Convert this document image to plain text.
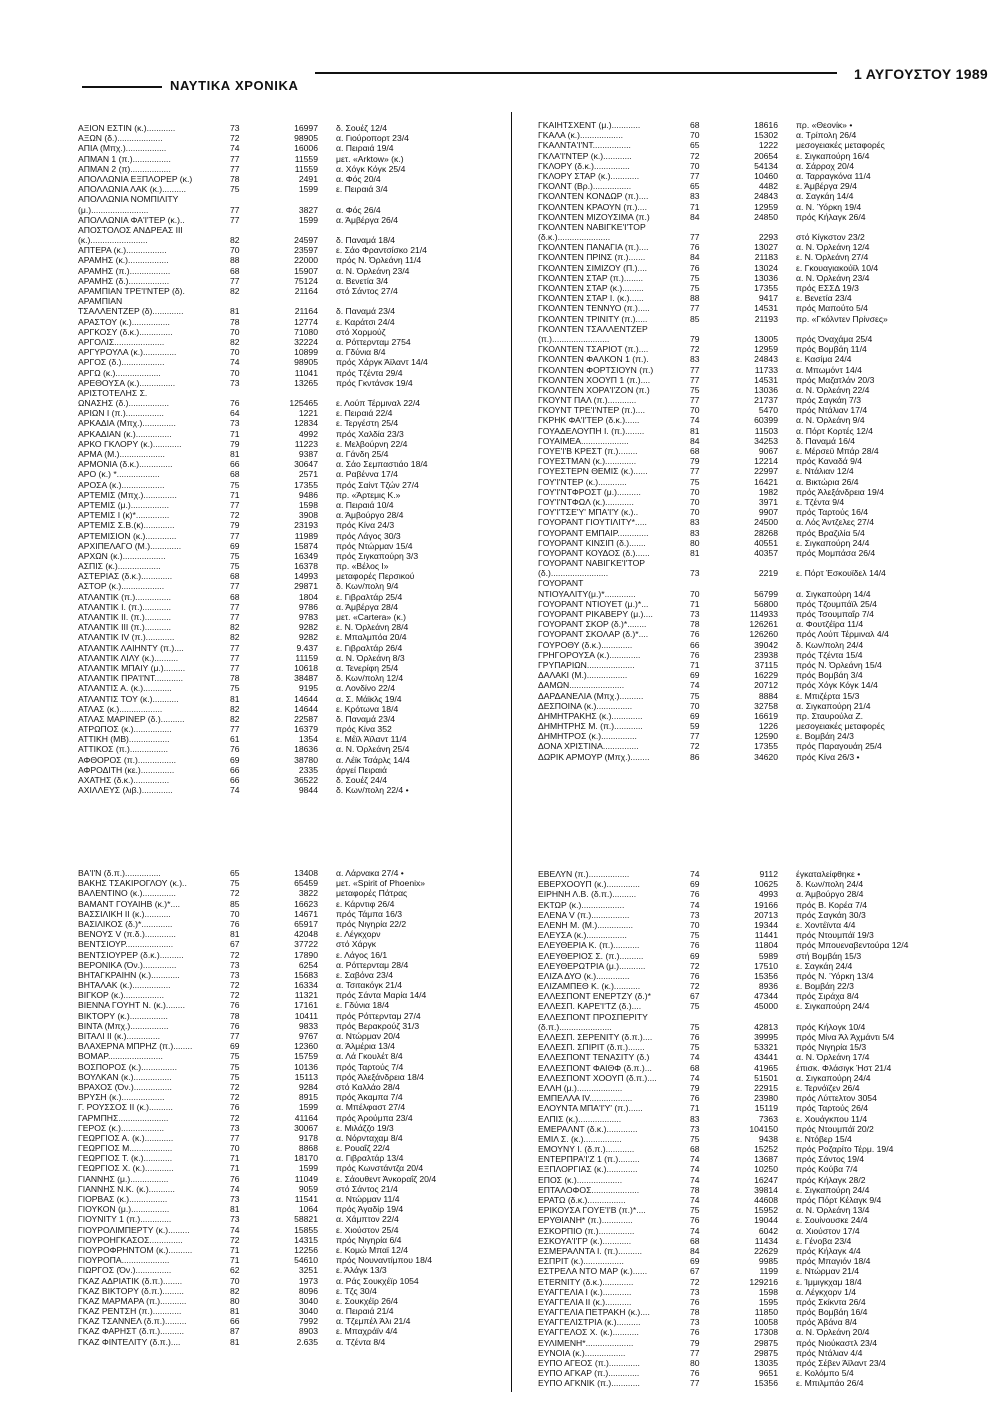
ΝΑΥΤΙΚΑ ΧΡΟΝΙΚΑ
1 ΑΥΓΟΥΣΤΟΥ 1989
ΑΞΙΟΝ ΕΣΤΙΝ (κ.)............	73	16997 δ. Σουέζ 12/4
ΑΞΩΝ (δ.)...................	72	98905 α. Γιούροπορτ 23/4
ΑΠΙΑ (Μπχ.).................	74	16006 α. Πειραιά 19/4
ΑΠΜΑΝ 1 (π.)................	77	11559 μετ. «Arktow» (κ.)
ΑΠΜΑΝ 2 (π).................	77	11559 α. Χόγκ Κόγκ 25/4
ΑΠΟΛΛΩΝΙΑ ΕΞΠΛΟΡΕΡ (κ.)	78	2491 α. Φός 20/4
ΑΠΟΛΛΩΝΙΑ ΛΑΚ (κ.)..........	75	1599 ε. Πειραιά 3/4
ΑΠΟΛΛΩΝΙΑ ΝΟΜΠΙΛΙΤΥ
(μ.)........................	77	3827 α. Φός 26/4
ΑΠΟΛΛΩΝΙΑ ΦΑ'Ι'ΤΕΡ (κ.)..	77	1599 α. Άμβέργα 26/4
ΑΠΟΣΤΟΛΟΣ ΑΝΔΡΕΑΣ III
(κ.)........................	82	24597 δ. Παναμά 18/4
ΑΠΤΕΡΑ (κ.).................	70	23597 ε. Σάο Φραντσίσκο 21/4
ΑΡΑΜΗΣ (κ.).................	88	22000 πρός Ν. Όρλεάνη 11/4
ΑΡΑΜΗΣ (π.).................	68	15907 α. Ν. Όρλεάνη 23/4
ΑΡΑΜΗΣ (δ.).................	77	75124 α. Βενετία 3/4
ΑΡΑΜΠΙΑΝ ΤΡΕ'Ι'ΝΤΕΡ (δ).	82	21164 στό Σάντος 27/4
ΑΡΑΜΠΙΑΝ
ΤΣΑΛΛΕΝΤΖΕΡ (δ).............	81	21164 δ. Παναμά 23/4
ΑΡΑΣΤΟΥ (κ.)................	78	12774 ε. Καράτσι 24/4
ΑΡΓΚΟΣΥ (δ.κ.)..............	70	71080 στό Χορμούζ
ΑΡΓΟΛΙΣ.....................	82	32224 α. Ρόττερνταμ 2754
ΑΡΓΥΡΟΥΛΑ (κ.)..............	70	10899 α. Γδύνια 8/4
ΑΡΓΟΣ (δ.)..................	74	98905 πρός Χάργκ Άϊλαντ 14/4
ΑΡΓΩ (κ.)...................	70	11041 πρός Τζέντα 29/4
ΑΡΕΘΟΥΣΑ (κ.)...............	73	13265 πρός Γκντάνσκ 19/4
ΑΡΙΣΤΟΤΕΛΗΣ Σ.
ΩΝΑΣΗΣ (δ.).................	76	125465 ε. Λούπ Τέρμιναλ 22/4
ΑΡΙΩΝ I (π.)................	64	1221 ε. Πειραιά 22/4
ΑΡΚΑΔΙΑ (Μπχ.)..............	73	12834 ε. Τεργέστη 25/4
ΑΡΚΑΔΙΑΝ (κ.)...............	71	4992 πρός Χαλδία 23/3
ΑΡΚΟ ΓΚΛΟΡΥ (κ.)............	79	11223 ε. Μελβούρνη 22/4
ΑΡΜΑ (Μ.)...................	81	9387 α. Γάνδη 25/4
ΑΡΜΟΝΙΑ (δ.κ.)..............	66	30647 α. Σάο Σεμπαστιάο 18/4
ΑΡΟ (κ.) *..................	68	2571 α. Ραβέννα 17/4
ΑΡΟΣΑ (κ.)..................	75	17355 πρός Σαίντ Τζών 27/4
ΑΡΤΕΜΙΣ (Μπχ.)..............	71	9486 πρ. «Άρτεμις Κ.»
ΑΡΤΕΜΙΣ (μ.)................	77	1598 α. Πειραιά 10/4
ΑΡΤΕΜΙΣ I (κ)*..............	72	3908 α. Άμβούργο 28/4
ΑΡΤΕΜΙΣ Σ.Β.(κ).............	79	23193 πρός Κίνα 24/3
ΑΡΤΕΜΙΣΙΟΝ (κ.).............	77	11989 πρός Λάγος 30/3
ΑΡΧΙΠΕΛΑΓΟ (Μ.).............	69	15874 πρός Ντώρμαν 15/4
ΑΡΧΩΝ (κ.)..................	75	16349 πρός Σιγκαπούρη 3/3
ΑΣΠΙΣ (κ.)..................	75	16378 πρ. «Βέλος I»
ΑΣΤΕΡΙΑΣ (δ.κ.).............	68	14993 μεταφορές Περσικού
ΑΣΤΟΡ (κ.)..................	77	29871 δ. Κων/πολη 9/4
ΑΤΛΑΝΤΙΚ (π.)...............	68	1804 ε. Γιβραλτάρ 25/4
ΑΤΛΑΝΤΙΚ I. (π.)............	77	9786 α. Άμβέργα 28/4
ΑΤΛΑΝΤΙΚ II. (π.)...........	77	9783 μετ. «Cartera» (κ.)
ΑΤΛΑΝΤΙΚ III (π.)...........	82	9282 ε. Ν. Όρλεάνη 28/4
ΑΤΛΑΝΤΙΚ IV (π.)............	82	9282 ε. Μπαλμπόα 20/4
ΑΤΛΑΝΤΙΚ ΛΑΙΗΝΤΥ (π.)....	77	9.437 ε. Γιβραλτάρ 26/4
ΑΤΛΑΝΤΙΚ ΛΙΛΥ (κ.)..........	77	11159 α. Ν. Όρλεάνη 8/3
ΑΤΛΑΝΤΙΚ ΜΠΑΙΥ (μ.).........	77	10618 α. Τενερίφη 25/4
ΑΤΛΑΝΤΙΚ ΠΡΑ'Ι'ΝΤ............	78	38487 δ. Κων/πολη 12/4
ΑΤΛΑΝΤΙΣ Α. (κ.)............	75	9195 α. Λονδίνο 22/4
ΑΤΛΑΝΤΙΣ ΤΟΥ (κ.)...........	81	14644 α. Σ. Μάϊκλς 19/4
ΑΤΛΑΣ (κ.)..................	82	14644 ε. Κρότωνα 18/4
ΑΤΛΑΣ ΜΑΡΙΝΕΡ (δ.)..........	82	22587 δ. Παναμά 23/4
ΑΤΡΩΠΟΣ (κ.)................	77	16379 πρός Κίνα 352
ΑΤΤΙΚΗ (ΜΒ).................	61	1354 ε. Μέϊλ Άϊλαντ 11/4
ΑΤΤΙΚΟΣ (π.)................	76	18636 α. Ν. Όρλεάνη 25/4
ΑΦΘΟΡΟΣ (π.)................	69	38780 α. Λέϊκ Τσάρλς 14/4
ΑΦΡΟΔΙΤΗ (κε.)..............	66	2335 άργεί Πειραιά
ΑΧΑΤΗΣ (δ.κ.)...............	66	36522 δ. Σουέζ 24/4
ΑΧΙΛΛΕΥΣ (λιβ.).............	74	9844 δ. Κων/πολη 22/4 •
ΒΑ'Ι'Ν (δ.π.)...............	65	13408 α. Λάρνακα 27/4 •
ΒΑΚΗΣ ΤΣΑΚΙΡΟΓΛΟΥ (κ.)..	75	65459 μετ. «Spirit of Phoenix»
ΒΑΛΕΝΤΙΝΟ (κ.)..............	72	3822 μεταφορές Πάτρας
ΒΑΜΑΝΤ ΓΟΥΑΙΗΒ (κ.)*....	85	16623 ε. Κάρντιφ 26/4
ΒΑΣΣΙΛΙΚΗ II (κ.)...........	70	14671 πρός Τάμπα 16/3
ΒΑΣΙΛΙΚΟΣ (δ.)*.............	76	65917 πρός Νιγηρία 22/2
ΒΕΝΟΥΣ V (π.δ.).............	81	42048 ε. Λέγκχορν
ΒΕΝΤΣΙΟΥΡ....................	67	37722 στό Χάργκ
ΒΕΝΤΣΙΟΥΡΕΡ (δ.κ.)..........	72	17890 ε. Λάγος 16/1
ΒΕΡΟΝΙΚΑ (Όν.)..............	73	6254 α. Ρόττερνταμ 28/4
ΒΗΤΑΓΚΡΑΙΗΝ (κ.)............	73	15683 ε. Σαβόνα 23/4
ΒΗΤΑΛΑΚ (κ.)................	72	16334 α. Τσιτακόγκ 21/4
ΒΙΓΚΟΡ (κ.).................	72	11321 πρός Σάντα Μαρία 14/4
ΒΙΕΝΝΑ ΓΟΥΗΤ Ν. (κ.)........	76	17161 ε. Γδύνια 18/4
ΒΙΚΤΟΡΥ (κ.)................	78	10411 πρός Ρόττερνταμ 27/4
ΒΙΝΤΑ (Μπχ.)................	76	9833 πρός Βερακρούζ 31/3
ΒΙΤΑΛΙ II (κ.)..............	77	9767 α. Ντώρμαν 20/4
ΒΛΑΧΕΡΝΑ ΜΠΡΗΖ (π.)........	69	12360 α. Άλμέρια 13/4
ΒΟΜΑΡ.......................	75	15759 α. Λά Γκουλέτ 8/4
ΒΟΣΠΟΡΟΣ (κ.)...............	75	10136 πρός Ταρτούς 7/4
ΒΟΥΛΚΑΝ (κ.)................	75	15113 πρός Άλεξάνδρεια 18/4
ΒΡΑΧΟΣ (Όν.)................	72	9284 στό Καλλάο 28/4
ΒΡΥΣΗ (κ.)..................	72	8915 πρός Άκαμπα 7/4
Γ. ΡΟΥΣΣΟΣ II (κ.)..........	76	1599 α. Μπέλφαστ 27/4
ΓΑΡΜΠΗΣ.....................	72	41164 πρός Άρούμπα 23/4
ΓΕΡΟΣ (κ.)..................	73	30067 ε. Μιλάζζο 19/3
ΓΕΩΡΓΙΟΣ Α. (κ.)............	77	9178 α. Νόρνταχαμ 8/4
ΓΕΩΡΓΙΟΣ Μ..................	70	8868 ε. Ρουαΐζ 22/4
ΓΕΩΡΓΙΟΣ Τ. (κ.)............	71	18170 α. Γιβραλτάρ 13/4
ΓΕΩΡΓΙΟΣ Χ. (κ.)............	71	1599 πρός Κωνστάντζα 20/4
ΓΙΑΝΝΗΣ (μ.)................	76	11049 ε. Σάουθεντ Άνκοραΐζ 20/4
ΓΙΑΝΝΗΣ Ν.Κ. (κ.)...........	74	9059 στό Σάντος 21/4
ΓΙΟΡΒΑΣ (κ.)................	73	11541 α. Ντώρμαν 11/4
ΓΙΟΥΚΟΝ (μ.)................	81	1064 πρός Άγαδίρ 19/4
ΓΙΟΥΝΙΤΥ 1 (π.).............	73	58821 α. Χάμπτον 22/4
ΓΙΟΥΡΟΛΙΜΠΕΡΤΥ (κ.).........	74	15855 ε. Χιούστον 25/4
ΓΙΟΥΡΟΗΓΚΑΣΟΣ..............	72	14315 πρός Νιγηρία 6/4
ΓΙΟΥΡΟΦΡΗΝΤΟΜ (κ.)..........	71	12256 ε. Κομώ Μπαϊ 12/4
ΓΙΟΥΡΟΠΑ....................	71	54610 πρός Νουναντίμπου 18/4
ΓΙΩΡΓΟΣ (Όν.)...............	62	3251 ε. Άλάγκ 13/3
ΓΚΑΖ ΑΔΡΙΑΤΙΚ (δ.π.)........	70	1973 α. Ράς Σουκχέϊρ 1054
ΓΚΑΖ ΒΙΚΤΟΡΥ (δ.π.).........	82	8096 ε. Τζς 30/4
ΓΚΑΖ ΜΑΡΜΑΡΑ (π.)...........	80	3040 ε. Σουκχέϊρ 26/4
ΓΚΑΖ ΡΕΝΤΣΗ (π.)............	81	3040 α. Πειραιά 21/4
ΓΚΑΖ ΤΣΑΝΝΕΛ (δ.π.).........	66	7992 α. Τζεμπέλ Άλι 21/4
ΓΚΑΖ ΦΑΡΗΣΤ (δ.π.)..........	87	8903 ε. Μπαχράϊν 4/4
ΓΚΑΖ ΦΙΝΤΕΛΙΤΥ (δ.π.)....	81	2.635 α. Τζέντα 8/4
ΓΚΑΙΗΤΣΧΕΝΤ (μ.)............	68	18616 πρ. «Θεονίκ» •
ΓΚΑΛΑ (κ.)..................	70	15302 α. Τρίπολη 26/4
ΓΚΑΛΝΤΑ'Ι'ΝΤ................	65	1222 μεσογειακές μεταφορές
ΓΚΛΑ'Ι'ΝΤΕΡ (κ.)............	72	20654 ε. Σιγκαπούρη 16/4
ΓΚΛΟΡΥ (δ.κ.)...............	70	54134 α. Σάρροχ 20/4
ΓΚΛΟΡΥ ΣΤΑΡ (κ.)............	77	10460 α. Ταρραγκόνα 11/4
ΓΚΟΛΝΤ (Βρ.)................	65	4482 ε. Άμβέργα 29/4
ΓΚΟΛΝΤΕΝ ΚΟΝΔΩΡ (π.)....	83	24843 α. Σαγκάη 14/4
ΓΚΟΛΝΤΕΝ ΚΡΑΟΥΝ (π.)....	71	12959 α. Ν. Ύόρκη 19/4
ΓΚΟΛΝΤΕΝ ΜΙΖΟΥΣΙΜΑ (π.)	84	24850 πρός Κήλαγκ 26/4
ΓΚΟΛΝΤΕΝ ΝΑΒΙΓΚΕ'Ι'ΤΟΡ
(δ.κ.)......................	77	2293 στό Κίγκστον 23/2
ΓΚΟΛΝΤΕΝ ΠΑΝΑΓΙΑ (π.)....	76	13027 α. Ν. Όρλεάνη 12/4
ΓΚΟΛΝΤΕΝ ΠΡΙΝΣ (π.).......	84	21183 ε. Ν. Όρλεάνη 27/4
ΓΚΟΛΝΤΕΝ ΣΙΜΙΖΟΥ (Π.)....	76	13024 ε. Γκουαγιακούϊλ 10/4
ΓΚΟΛΝΤΕΝ ΣΤΑΡ (π.)........	75	13036 α. Ν. Όρλεάνη 23/4
ΓΚΟΛΝΤΕΝ ΣΤΑΡ (κ.).........	75	17355 πρός ΕΣΣΔ 19/3
ΓΚΟΛΝΤΕΝ ΣΤΑΡ I. (κ.)......	88	9417 ε. Βενετία 23/4
ΓΚΟΛΝΤΕΝ ΤΕΝΝΥΟ (π.).....	77	14531 πρός Μαπούτο 5/4
ΓΚΟΛΝΤΕΝ TPINITY (π.).....	85	21193 πρ. «Γκόλντεν Πρίνσες»
ΓΚΟΛΝΤΕΝ ΤΣΑΛΛΕΝΤΖΕΡ
(π.)........................	79	13005 πρός Όναχάμα 25/4
ΓΚΟΛΝΤΕΝ ΤΣΑΡΙΟΤ (π.)....	72	12959 πρός Βομβάη 11/4
ΓΚΟΛΝΤΕΝ ΦΑΛΚΟΝ 1 (π.).	83	24843 ε. Κασίμα 24/4
ΓΚΟΛΝΤΕΝ ΦΟΡΤΣΙΟΥΝ (π.)	77	11733 α. Μπωμόντ 14/4
ΓΚΟΛΝΤΕΝ ΧΟΟΥΠ 1 (π.)....	77	14531 πρός Μαζατλάν 20/3
ΓΚΟΛΝΤΕΝ ΧΟΡΑ'Ι'ΖΟΝ (π.)	75	13036 α. Ν. Όρλεάνη 22/4
ΓΚΟΥΝΤ ΠΑΛ (π.)............	77	21737 πρός Σαγκάη 7/3
ΓΚΟΥΝΤ ΤΡΕ'Ι'ΝΤΕΡ (π.)....	70	5470 πρός Ντάλιαν 17/4
ΓΚΡΗΚ ΦΑ'Ι'ΤΕΡ (δ.κ.)......	74	60399 α. Ν. Όρλεάνη 9/4
ΓΟΥΑΔΕΛΟΥΠΗ I. (π.)........	81	11503 α. Πόρτ Κορτές 12/4
ΓΟΥΑΙΜΕΑ....................	84	34253 δ. Παναμά 16/4
ΓΟΥΕ'Ι'Β ΚΡΕΣΤ (π.)........	68	9067 ε. Μέρσεϋ Μπάρ 28/4
ΓΟΥΕΣΤΜΑΝ (κ.).............	79	12214 πρός Καναδά 9/4
ΓΟΥΕΣΤΕΡΝ ΘΕΜΙΣ (κ.)......	77	22997 ε. Ντάλιαν 12/4
ΓΟΥ'Ι'ΝΤΕΡ (κ.)............	75	16421 α. Βικτώρια 26/4
ΓΟΥ'Ι'ΝΤΦΡΟΣΤ (μ.)..........	70	1982 πρός Άλεξάνδρεια 19/4
ΓΟΥ'Ι'ΝΤΦΩΛ (κ.)............	70	3971 ε. Τζέντα 9/4
ΓΟΥ'Ι'ΤΣΕ'Υ' ΜΠΑ'Ι'Υ (κ.)..	70	9907 πρός Ταρτούς 16/4
ΓΟΥΟΡΑΝΤ ΓΙΟΥΤΙΛΙΤΥ*.....	83	24500 α. Λός Άντζελες 27/4
ΓΟΥΟΡΑΝΤ ΕΜΠΑΙΡ.............	83	28268 πρός Βραζιλία 5/4
ΓΟΥΟΡΑΝΤ ΚΙΝΣΙΠ (δ.).......	80	40551 ε. Σιγκαπούρη 24/4
ΓΟΥΟΡΑΝΤ ΚΟΥΔΟΣ (δ.)......	81	40357 πρός Μομπάσα 26/4
ΓΟΥΟΡΑΝΤ ΝΑΒΙΓΚΕ'Ι'ΤΟΡ
(δ.)........................	73	2219 ε. Πόρτ Έσκουϊδελ 14/4
ΓΟΥΟΡΑΝΤ
ΝΤΙΟΥΑΛΙΤΥ(μ.)*.............	70	56799 α. Σιγκαπούρη 14/4
ΓΟΥΟΡΑΝΤ ΝΤΙΟΥΕΤ (μ.)*...	71	56800 πρός Τζουμπάϊλ 25/4
ΓΟΥΟΡΑΝΤ ΡΙΚΑΒΕΡΥ (μ.)....	73	114933 πρός Τσουμπαΐρ 7/4
ΓΟΥΟΡΑΝΤ ΣΚΟΡ (δ.)*........	78	126261 α. Φουτζέϊρα 11/4
ΓΟΥΟΡΑΝΤ ΣΚΟΛΑΡ (δ.)*....	76	126260 πρός Λούπ Τέρμιναλ 4/4
ΓΟΥΡΟΘΥ (δ.κ.).............	66	39042 δ. Κων/πολη 24/4
ΓΡΗΓΟΡΟΥΣΑ (κ.).............	76	23938 πρός Τζέντα 15/4
ΓΡΥΠΑΡΙΩΝ....................	71	37115 πρός Ν. Όρλεάνη 15/4
ΔΑΛΑΚΙ (Μ.).................	69	16229 πρός Βομβάη 3/4
ΔΑΜΩΝ.......................	74	20712 πρός Χόγκ Κόγκ 14/4
ΔΑΡΔΑΝΕΛΙΑ (Μπχ.)..........	75	8884 ε. Μπιζέρτα 15/3
ΔΕΣΠΟΙΝΑ (κ.)...............	70	32758 α. Σιγκαπούρη 21/4
ΔΗΜΗΤΡΑΚΗΣ (κ.).............	69	16619 πρ. Σταυρούλα Ζ.
ΔΗΜΗΤΡΗΣ Μ. (π.)............	59	1226 μεσογειακές μεταφορές
ΔΗΜΗΤΡΟΣ (κ.)...............	77	12590 ε. Βομβάη 24/3
ΔΟΝΑ ΧΡΙΣΤΙΝΑ...............	72	17355 πρός Παραγουάη 25/4
ΔΩΡΙΚ ΑΡΜΟΥΡ (Μπχ.)........	86	34620 πρός Κίνα 26/3 •
ΕΒΕΛΥΝ (π.).................	74	9112 έγκαταλείφθηκε •
ΕΒΕΡΧΟΟΥΠ (κ.)..............	69	10625 δ. Κων/πολη 24/4
ΕΙΡΗΝΗ Λ.Β. (δ.π.)..........	76	4993 α. Άμβούργο 28/4
ΕΚΤΩΡ (κ.)..................	74	19166 πρός Β. Κορέα 7/4
ΕΛΕΝΑ V (π.)................	73	20713 πρός Σαγκάη 30/3
ΕΛΕΝΗ Μ. (Μ.)...............	70	19344 ε. Χοντέϊντα 4/4
ΕΛΕΥΣΑ (κ.).................	75	11441 πρός Ντουμπάϊ 19/3
ΕΛΕΥΘΕΡΙΑ Κ. (π.)...........	76	11804 πρός Μπουεναβεντούρα 12/4
ΕΛΕΥΘΕΡΙΟΣ Σ. (π.)..........	69	5989 στή Βομβάη 15/3
ΕΛΕΥΘΕΡΩΤΡΙΑ (μ.)...........	72	17510 ε. Σαγκάη 24/4
ΕΛΙΖΑ ΔΥΟ (κ.)..............	76	15356 πρός Ν. Ύόρκη 13/4
ΕΛΙΖΑΜΠΕΘ Κ. (κ.)...........	72	8936 ε. Βομβάη 22/3
ΕΛΛΕΣΠΟΝΤ ΕΝΕΡΤΖΥ (δ.)*	67	47344 πρός Σιράχα 8/4
ΕΛΛΕΣΠ. ΚΑΡΕ'Ι'ΤΖ (δ.)....	75	45000 ε. Σιγκαπούρη 24/4
ΕΛΛΕΣΠΟΝΤ ΠΡΟΣΠΕΡΙΤΥ
(δ.π.)......................	75	42813 πρός Κήλογκ 10/4
ΕΛΛΕΣΠ. ΣΕΡΕΝΙΤΥ (δ.π.)....	76	39995 πρός Μίνα Άλ Άχμάντι 5/4
ΕΛΛΕΣΠ. ΣΠΙΡΙΤ (δ.π.).......	75	53321 πρός Νιγηρία 15/3
ΕΛΛΕΣΠΟΝΤ ΤΕΝΑΣΙΤΥ (δ.)	74	43441 α. Ν. Όρλεάνη 17/4
ΕΛΛΕΣΠΟΝΤ ΦΑΙΘΦ (δ.π.)...	68	41965 έπισκ. Φλάσιγκ Ήστ 21/4
ΕΛΛΕΣΠΟΝΤ ΧΟΟΥΠ (δ.π.)....	74	51501 α. Σιγκαπούρη 24/4
ΕΛΛΗ (μ.)...................	79	22915 ε. Τερνόϊζεν 26/4
ΕΜΠΕΛΛΑ IV..................	76	23980 πρός Λύττελτον 3054
ΕΛΟΥΝΤΑ ΜΠΑ'Ι'Υ' (π.)......	71	15119 πρός Ταρτούς 26/4
ΕΛΠΙΣ (κ.)..................	83	7363 ε. Χουάγκπου 11/4
ΕΜΕΡΑΛΝΤ (δ.κ.).............	73	104150 πρός Ντουμπάϊ 20/2
ΕΜΙΛ Σ. (κ.)................	75	9438 ε. Ντόβερ 15/4
ΕΜΟΥΝΥ I. (δ.π.)............	68	15252 πρός Ροζαρίτο Τέρμ. 19/4
ΕΝΤΕΡΠΡΑ'Ι'Ζ 1 (π.).........	74	13687 πρός Σάντος 19/4
ΕΞΠΛΟΡΓΙΑΣ (κ.).............	74	10250 πρός Κούβα 7/4
ΕΠΟΣ (κ.)...................	74	16247 πρός Κήλαγκ 28/2
ΕΠΤΑΛΟΦΟΣ....................	78	39814 ε. Σιγκαπούρη 24/4
ΕΡΑΤΩ (δ.κ.)................	74	44608 πρός Πόρτ Κέλαγκ 9/4
ΕΡΙΚΟΥΣΑ ΓΟΥΕ'Ι'Β (π.)*....	75	15952 α. Ν. Όρλεάνη 13/4
ΕΡΥΘΙΑΝΗ* (π.).............	76	19044 ε. Σουίνουσκε 24/4
ΕΣΚΟΡΠΙΟ (π.)...............	74	6042 α. Χιούστον 17/4
ΕΣΚΟΥΑ'Ι'ΓΡ (κ.)............	68	11434 ε. Γένοβα 23/4
ΕΣΜΕΡΑΛΝΤΑ I. (π.)..........	84	22629 πρός Κήλαγκ 4/4
ΕΣΠΡΙΤ (κ.).................	69	9985 πρός Μπαγιόν 18/4
ΕΣΤΡΕΛΑ ΝΤΟ ΜΑΡ (κ.)......	67	1199 ε. Ντώρμαν 21/4
ETERNITY (δ.κ.).............	72	129216 ε. Ίμμιγκχαμ 18/4
ΕΥΑΓΓΕΛΙΑ I (κ.)............	73	1598 α. Λέγκχορν 1/4
ΕΥΑΓΓΕΛΙΑ II (κ.)...........	76	1595 πρός Σκίκντα 26/4
ΕΥΑΓΓΕΛΙΑ ΠΕΤΡΑΚΗ (κ.)....	78	11850 πρός Βομβάη 16/4
ΕΥΑΓΓΕΛΙΣΤΡΙΑ (κ.)..........	73	10058 πρός Άβάνα 8/4
ΕΥΑΓΓΕΛΟΣ Χ. (κ.)...........	76	17308 α. Ν. Όρλεάνη 20/4
ΕΥΛΙΜΕΝΗ*....................	79	29875 πρός Νιούκαστλ 23/4
ΕΥΝΟΙΑ (κ.).................	77	29875 πρός Ντάλιαν 4/4
ΕΥΠΟ ΑΓΕΟΣ (π.).............	80	13035 πρός Σέβεν Άϊλαντ 23/4
ΕΥΠΟ ΑΓΚΑΡ (π.).............	76	9651 ε. Κολόμπο 5/4
ΕΥΠΟ ΑΓΚΝΙΚ (π.)............	77	15356 ε. Μπιλμπάο 26/4
